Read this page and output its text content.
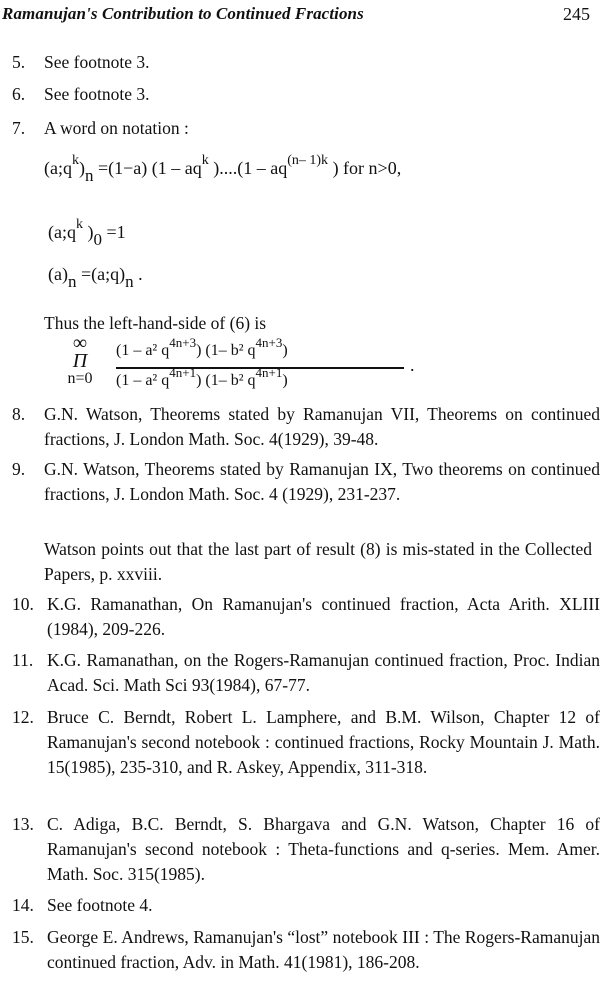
Ramanujan's Contribution to Continued Fractions	245
5. See footnote 3.
6. See footnote 3.
7. A word on notation :
$(a;q^k)n =(1-a)$ ($1 - aq^k$ )$....(1 - aq^{(n- 1)k}$ ) for n>0,
($a;q^k$ )0 =1
(a)n =(a;q)n .
Thus the left-hand-side of (6) is
∞
Π
n=0
(1 – a² $q^{4n+3}$) (1– b² $q^{4n+3}$)
(1 – a² $q^{4n+1}$) (1– b² $q^{4n+1}$)
.
8. G.N. Watson, Theorems stated by Ramanujan VII, Theorems on continued fractions, J. London Math. Soc. 4(1929), 39-48.
9. G.N. Watson, Theorems stated by Ramanujan IX, Two theorems on continued fractions, J. London Math. Soc. 4 (1929), 231-237.
Watson points out that the last part of result (8) is mis-stated in the Collected Papers, p. xxviii.
10. K.G. Ramanathan, On Ramanujan's continued fraction, Acta Arith. XLIII (1984), 209-226.
11. K.G. Ramanathan, on the Rogers-Ramanujan continued fraction, Proc. Indian Acad. Sci. Math Sci 93(1984), 67-77.
12. Bruce C. Berndt, Robert L. Lamphere, and B.M. Wilson, Chapter 12 of Ramanujan's second notebook : continued fractions, Rocky Mountain J. Math. 15(1985), 235-310, and R. Askey, Appendix, 311-318.
13. C. Adiga, B.C. Berndt, S. Bhargava and G.N. Watson, Chapter 16 of Ramanujan's second notebook : Theta-functions and q-series. Mem. Amer. Math. Soc. 315(1985).
14. See footnote 4.
15. George E. Andrews, Ramanujan's “lost” notebook III : The Rogers-Ramanujan continued fraction, Adv. in Math. 41(1981), 186-208.
